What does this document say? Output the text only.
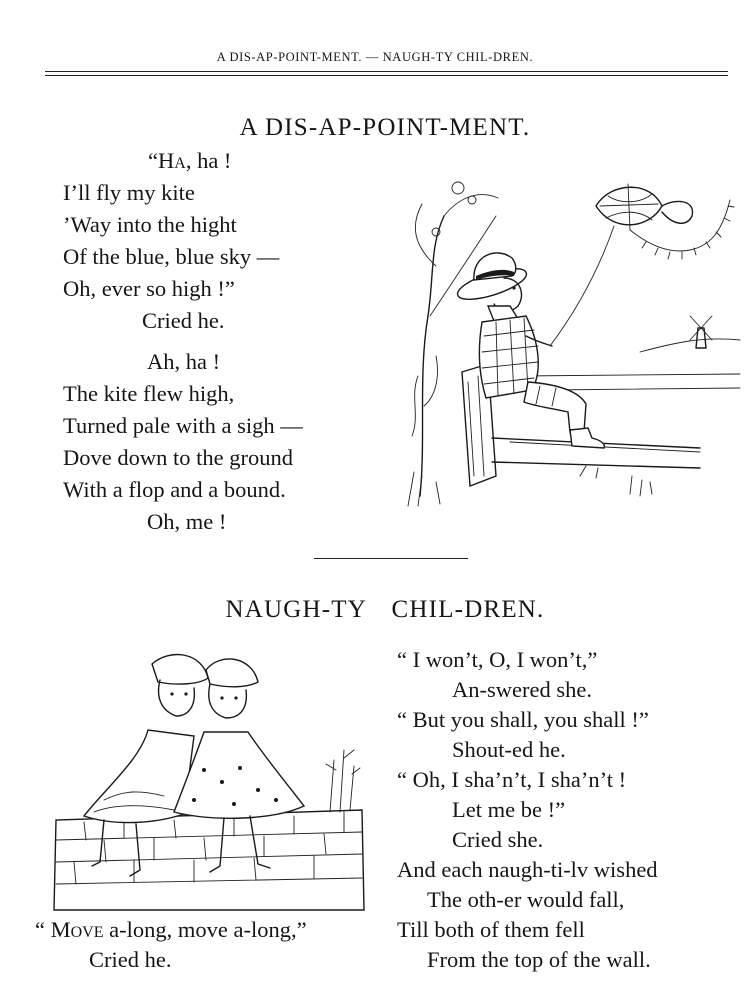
A DIS-AP-POINT-MENT. — NAUGH-TY CHIL-DREN.
A DIS-AP-POINT-MENT.
“Ha, ha !
I’ll fly my kite
’Way into the hight
Of the blue, blue sky —
Oh, ever so high !”
Cried he.
Ah, ha !
The kite flew high,
Turned pale with a sigh —
Dove down to the ground
With a flop and a bound.
Oh, me !
NAUGH-TY CHIL-DREN.
“ I won’t, O, I won’t,”
An-swered she.
“ But you shall, you shall !”
Shout-ed he.
“ Oh, I sha’n’t, I sha’n’t !
Let me be !”
Cried she.
And each naugh-ti-lv wished
The oth-er would fall,
Till both of them fell
From the top of the wall.
“ Move a-long, move a-long,”
Cried he.
